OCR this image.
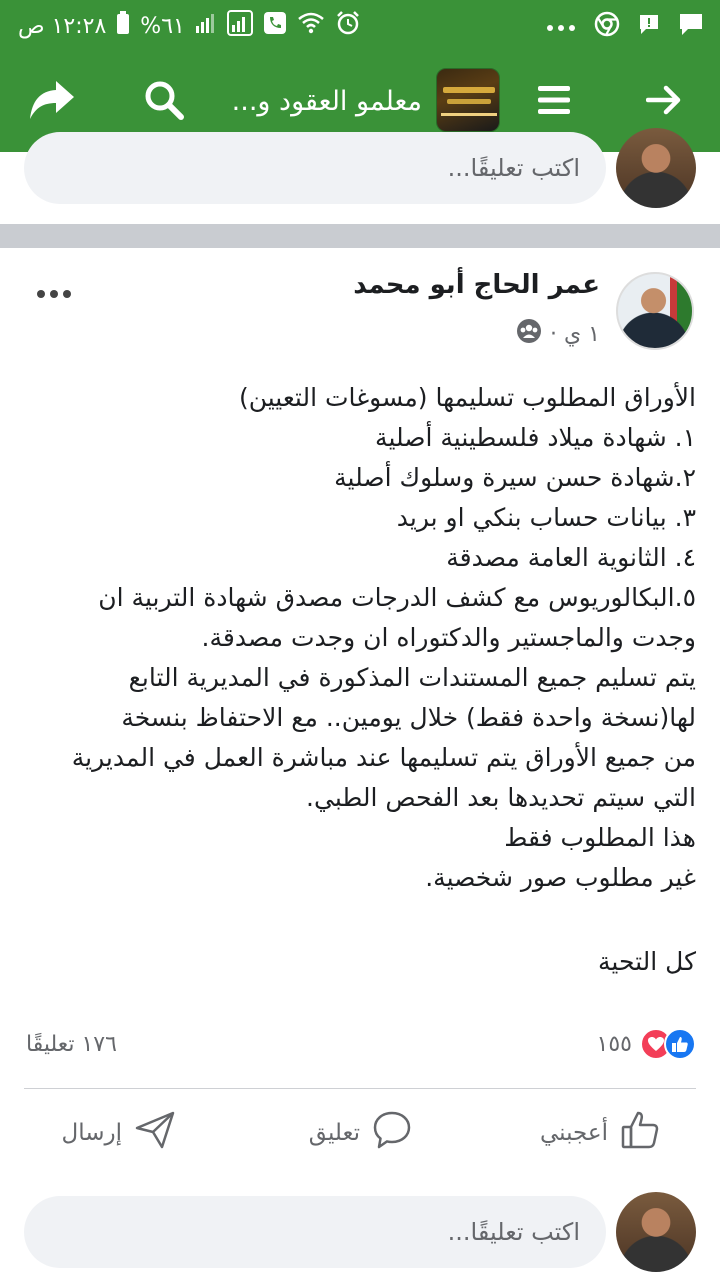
١٢:٢٨ ص %٦١
معلمو العقود و...
اكتب تعليقًا...
عمر الحاج أبو محمد
١ ي ·
الأوراق المطلوب تسليمها (مسوغات التعيين)
١. شهادة ميلاد فلسطينية أصلية
٢.شهادة حسن سيرة وسلوك أصلية
٣. بيانات حساب بنكي او بريد
٤. الثانوية العامة مصدقة
٥.البكالوريوس مع كشف الدرجات مصدق شهادة التربية ان
وجدت والماجستير والدكتوراه ان وجدت مصدقة.
يتم تسليم جميع المستندات المذكورة في المديرية التابع
لها(نسخة واحدة فقط) خلال يومين.. مع الاحتفاظ بنسخة
من جميع الأوراق يتم تسليمها عند مباشرة العمل في المديرية
التي سيتم تحديدها بعد الفحص الطبي.
هذا المطلوب فقط
غير مطلوب صور شخصية.
كل التحية
١٥٥
١٧٦ تعليقًا
أعجبني
تعليق
إرسال
اكتب تعليقًا...
